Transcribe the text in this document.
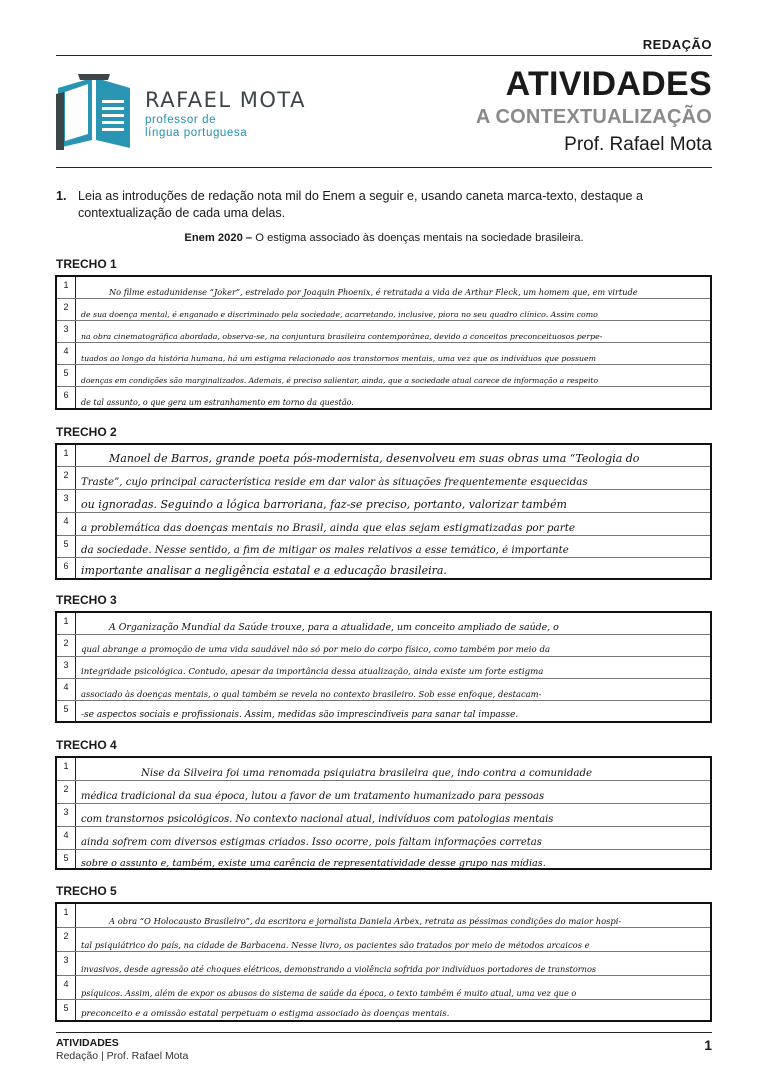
REDAÇÃO
RAFAEL MOTA
professor de
língua portuguesa
ATIVIDADES
A CONTEXTUALIZAÇÃO
Prof. Rafael Mota
1. Leia as introduções de redação nota mil do Enem a seguir e, usando caneta marca-texto, destaque a contextualização de cada uma delas.
Enem 2020 – O estigma associado às doenças mentais na sociedade brasileira.
TRECHO 1
1
No filme estadunidense “Joker”, estrelado por Joaquin Phoenix, é retratada a vida de Arthur Fleck, um homem que, em virtude
2
de sua doença mental, é enganado e discriminado pela sociedade, acarretando, inclusive, piora no seu quadro clínico. Assim como
3
na obra cinematográfica abordada, observa-se, na conjuntura brasileira contemporânea, devido a conceitos preconceituosos perpe-
4
tuados ao longo da história humana, há um estigma relacionado aos transtornos mentais, uma vez que os indivíduos que possuem
5
doenças em condições são marginalizados. Ademais, é preciso salientar, ainda, que a sociedade atual carece de informação a respeito
6
de tal assunto, o que gera um estranhamento em torno da questão.
TRECHO 2
1	Manoel de Barros, grande poeta pós-modernista, desenvolveu em suas obras uma “Teologia do
2
Traste”, cujo principal característica reside em dar valor às situações frequentemente esquecidas
3	ou ignoradas. Seguindo a lógica barroriana, faz-se preciso, portanto, valorizar também
4
a problemática das doenças mentais no Brasil, ainda que elas sejam estigmatizadas por parte
5
da sociedade. Nesse sentido, a fim de mitigar os males relativos a esse temático, é importante
6	importante analisar a negligência estatal e a educação brasileira.
TRECHO 3
1
A Organização Mundial da Saúde trouxe, para a atualidade, um conceito ampliado de saúde, o
2
qual abrange a promoção de uma vida saudável não só por meio do corpo físico, como também por meio da
3
integridade psicológica. Contudo, apesar da importância dessa atualização, ainda existe um forte estigma
4
associado às doenças mentais, o qual também se revela no contexto brasileiro. Sob esse enfoque, destacam-
5
-se aspectos sociais e profissionais. Assim, medidas são imprescindíveis para sanar tal impasse.
TRECHO 4
1
Nise da Silveira foi uma renomada psiquiatra brasileira que, indo contra a comunidade
2
médica tradicional da sua época, lutou a favor de um tratamento humanizado para pessoas
3
com transtornos psicológicos. No contexto nacional atual, indivíduos com patologias mentais
4
ainda sofrem com diversos estigmas criados. Isso ocorre, pois faltam informações corretas
5	sobre o assunto e, também, existe uma carência de representatividade desse grupo nas mídias.
TRECHO 5
1
A obra “O Holocausto Brasileiro”, da escritora e jornalista Daniela Arbex, retrata as péssimas condições do maior hospi-
2
tal psiquiátrico do país, na cidade de Barbacena. Nesse livro, os pacientes são tratados por meio de métodos arcaicos e
3
invasivos, desde agressão até choques elétricos, demonstrando a violência sofrida por indivíduos portadores de transtornos
4
psíquicos. Assim, além de expor os abusos do sistema de saúde da época, o texto também é muito atual, uma vez que o
5
preconceito e a omissão estatal perpetuam o estigma associado às doenças mentais.
ATIVIDADES
Redação | Prof. Rafael Mota
1
